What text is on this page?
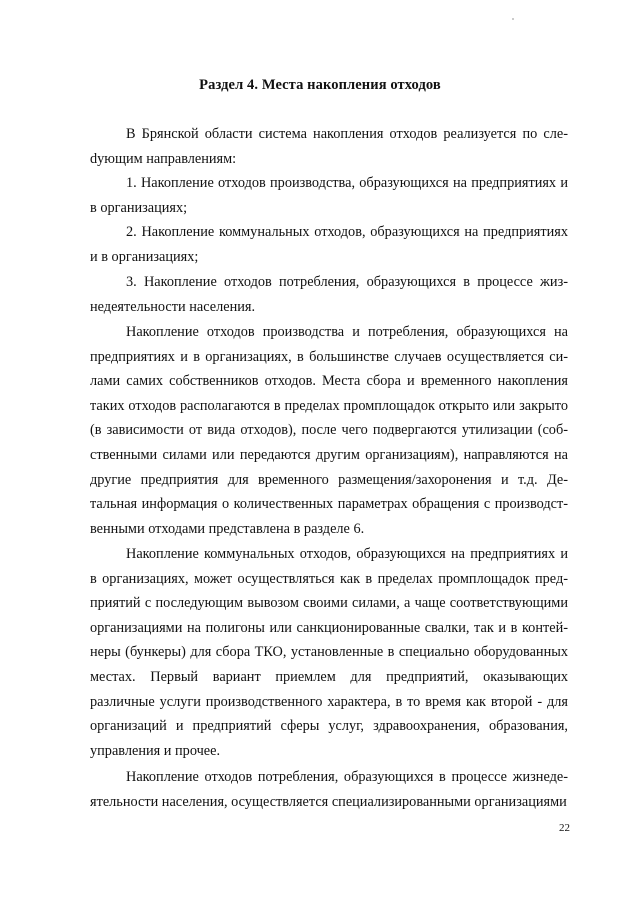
Раздел 4. Места накопления отходов

В Брянской области система накопления отходов реализуется по слеdующим направлениям:

1. Накопление отходов производства, образующихся на предприятиях и в организациях;

2. Накопление коммунальных отходов, образующихся на предприятиях и в организациях;

3. Накопление отходов потребления, образующихся в процессе жизнедеятельности населения.

Накопление отходов производства и потребления, образующихся на предприятиях и в организациях, в большинстве случаев осуществляется силами самих собственников отходов. Места сбора и временного накопления таких отходов располагаются в пределах промплощадок открыто или закрыто (в зависимости от вида отходов), после чего подвергаются утилизации (собственными силами или передаются другим организациям), направляются на другие предприятия для временного размещения/захоронения и т.д. Детальная информация о количественных параметрах обращения с производственными отходами представлена в разделе 6.

Накопление коммунальных отходов, образующихся на предприятиях и в организациях, может осуществляться как в пределах промплощадок предприятий с последующим вывозом своими силами, а чаще соответствующими организациями на полигоны или санкционированные свалки, так и в контейнеры (бункеры) для сбора ТКО, установленные в специально оборудованных местах. Первый вариант приемлем для предприятий, оказывающих различные услуги производственного характера, в то время как второй - для организаций и предприятий сферы услуг, здравоохранения, образования, управления и прочее.

Накопление отходов потребления, образующихся в процессе жизнедеятельности населения, осуществляется специализированными организациями

22
